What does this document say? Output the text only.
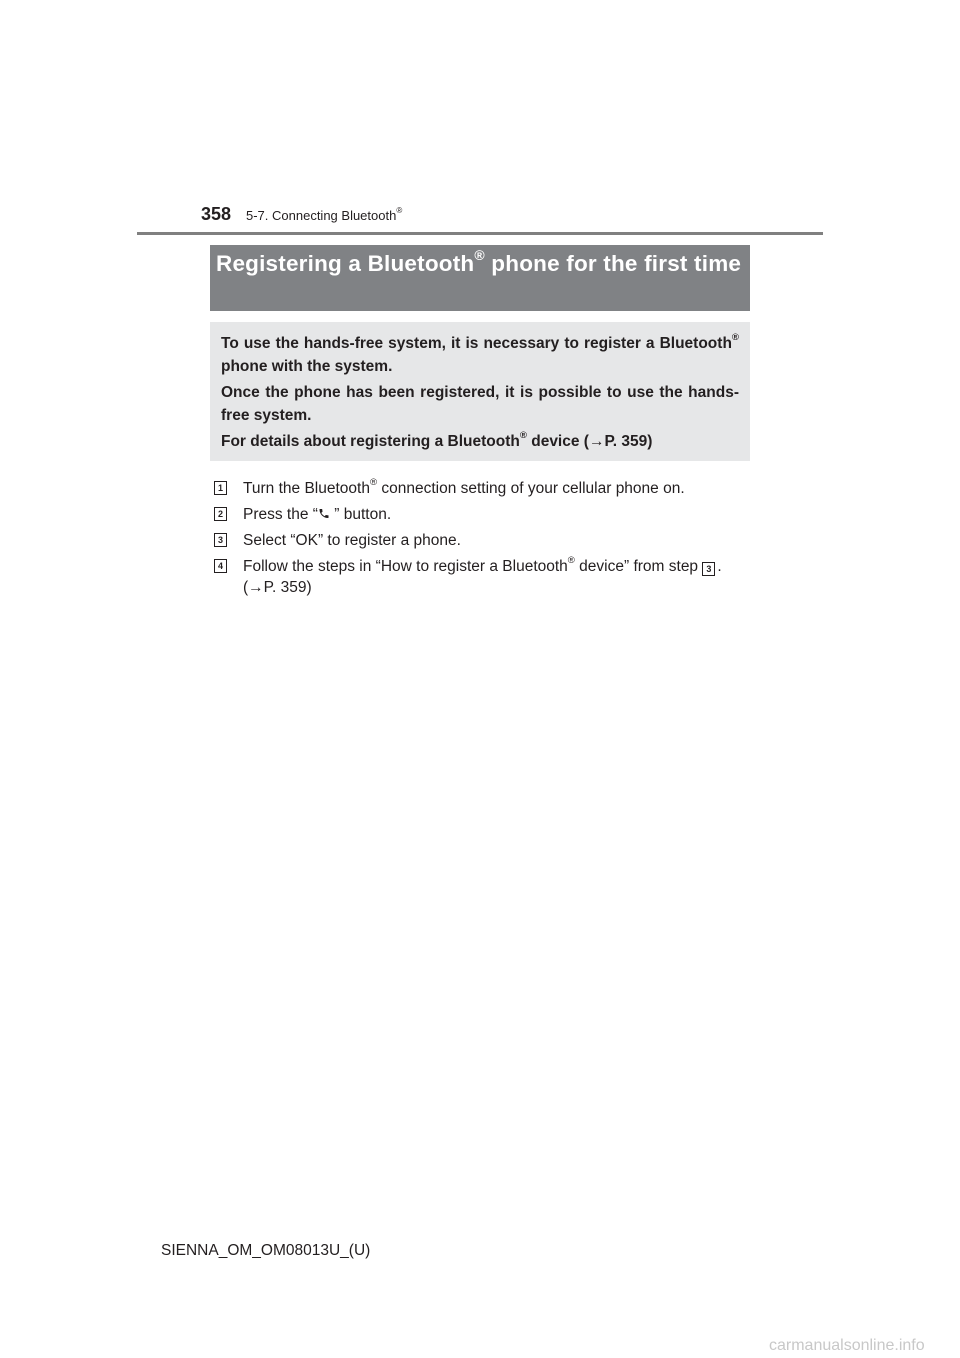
358 5-7. Connecting Bluetooth®
Registering a Bluetooth® phone for the first time

To use the hands-free system, it is necessary to register a Bluetooth® phone with the system.

Once the phone has been registered, it is possible to use the hands-free system.

For details about registering a Bluetooth® device (→P. 359)

1 Turn the Bluetooth® connection setting of your cellular phone on.
2 Press the “ ” button.
3 Select “OK” to register a phone.
4 Follow the steps in “How to register a Bluetooth® device” from step 3 . (→P. 359)
SIENNA_OM_OM08013U_(U)
carmanualsonline.info
